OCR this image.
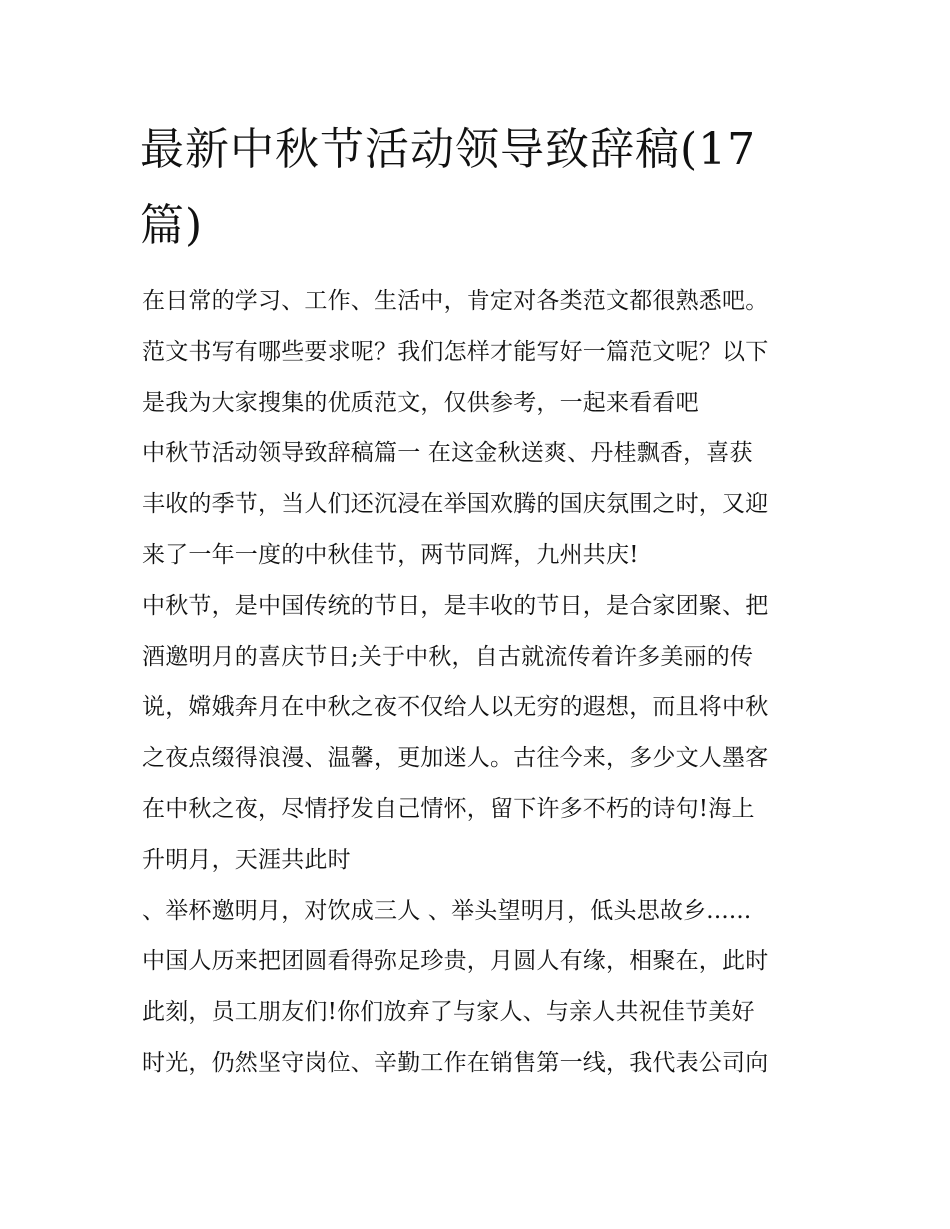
最新中秋节活动领导致辞稿(17
篇)
在日常的学习、工作、生活中，肯定对各类范文都很熟悉吧。
范文书写有哪些要求呢？我们怎样才能写好一篇范文呢？以下
是我为大家搜集的优质范文，仅供参考，一起来看看吧
中秋节活动领导致辞稿篇一 在这金秋送爽、丹桂飘香，喜获
丰收的季节，当人们还沉浸在举国欢腾的国庆氛围之时，又迎
来了一年一度的中秋佳节，两节同辉，九州共庆!
中秋节，是中国传统的节日，是丰收的节日，是合家团聚、把
酒邀明月的喜庆节日;关于中秋，自古就流传着许多美丽的传
说，嫦娥奔月在中秋之夜不仅给人以无穷的遐想，而且将中秋
之夜点缀得浪漫、温馨，更加迷人。古往今来，多少文人墨客
在中秋之夜，尽情抒发自己情怀，留下许多不朽的诗句!海上
升明月，天涯共此时
、举杯邀明月，对饮成三人 、举头望明月，低头思故乡......
中国人历来把团圆看得弥足珍贵，月圆人有缘，相聚在，此时
此刻，员工朋友们!你们放弃了与家人、与亲人共祝佳节美好
时光，仍然坚守岗位、辛勤工作在销售第一线，我代表公司向
